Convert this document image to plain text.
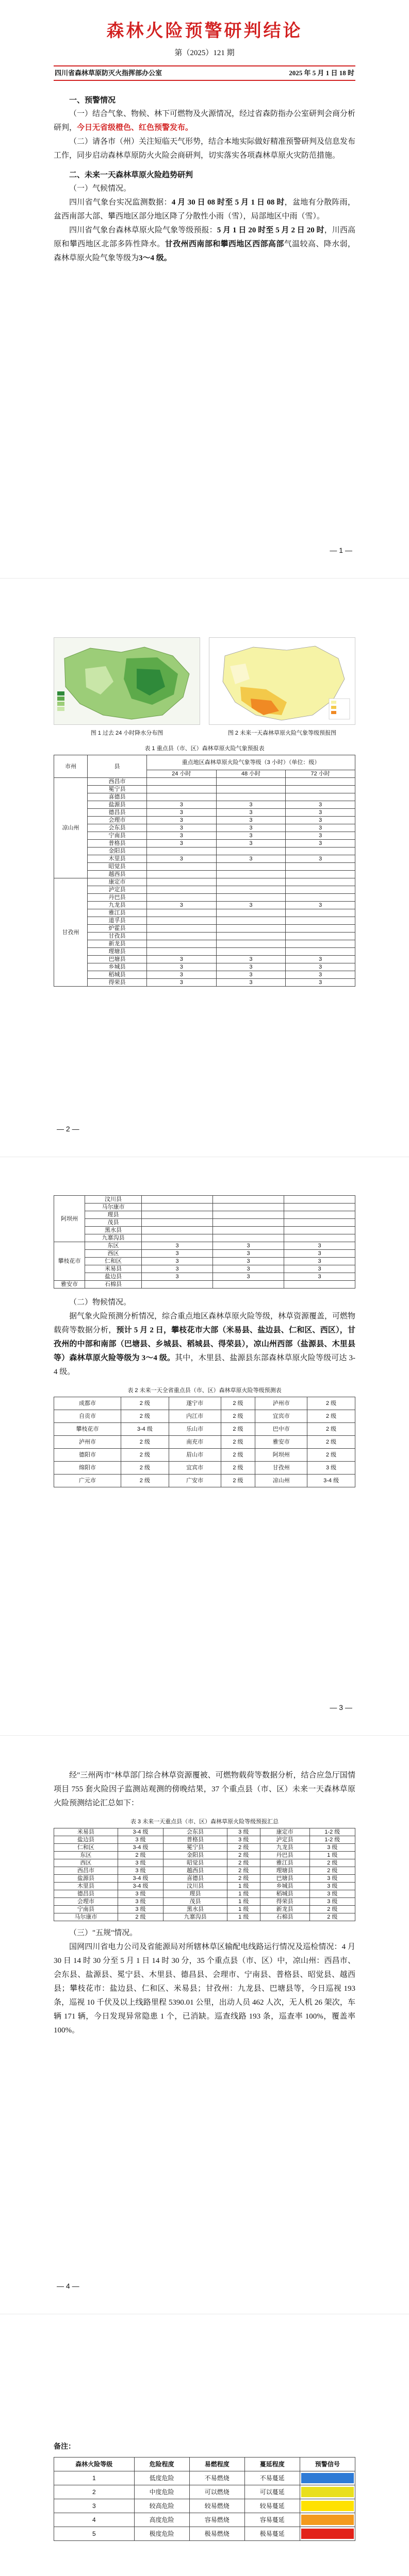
森林火险预警研判结论
第（2025）121 期
四川省森林草原防灭火指挥部办公室	2025 年 5 月 1 日 18 时
一、预警情况

（一）结合气象、物候、林下可燃物及火源情况，经过省森防指办公室研判会商分析研判，今日无省级橙色、红色预警发布。

（二）请各市（州）关注短临天气形势，结合本地实际做好精准预警研判及信息发布工作，同步启动森林草原防火火险会商研判，切实落实各项森林草原火灾防范措施。

二、未来一天森林草原火险趋势研判

（一）气候情况。

四川省气象台实况监测数据：4 月 30 日 08 时至 5 月 1 日 08 时，盆地有分散阵雨，盆西南部大部、攀西地区部分地区降了分散性小雨（雪），局部地区中雨（雪）。

四川省气象台森林草原火险气象等级预报：5 月 1 日 20 时至 5 月 2 日 20 时，川西高原和攀西地区北部多阵性降水。甘孜州西南部和攀西地区西部高部气温较高、降水弱，森林草原火险气象等级为3～4 级。

— 1 —
图 1 过去 24 小时降水分布图	图 2 未来一天森林草原火险气象等级预报图
表 1 重点县（市、区）森林草原火险气象预报表
市州	县	重点地区森林草原火险气象等级（3 小时）（单位：级）		
		24 小时	48 小时	72 小时
凉山州	西昌市			
	冕宁县			
	喜德县			
	盐源县	3	3	3
	德昌县	3	3	3
	会理市	3	3	3
	会东县	3	3	3
	宁南县	3	3	3
	普格县	3	3	3
	金阳县			
	木里县	3	3	3
	昭觉县			
	越西县			
甘孜州	康定市			
	泸定县			
	丹巴县			
	九龙县	3	3	3
	雅江县			
	道孚县			
	炉霍县			
	甘孜县			
	新龙县			
	理塘县			
	巴塘县	3	3	3
	乡城县	3	3	3
	稻城县	3	3	3
	得荣县	3	3	3
— 2 —
阿坝州	汶川县			
	马尔康市			
	理县			
	茂县			
	黑水县			
	九寨沟县			
攀枝花市	东区	3	3	3
	西区	3	3	3
	仁和区	3	3	3
	米易县	3	3	3
	盐边县	3	3	3
雅安市	石棉县			

（二）物候情况。

据气象火险预测分析情况，综合重点地区森林草原火险等级，林草资源覆盖，可燃物载荷等数据分析，预计 5 月 2 日，攀枝花市大部（米易县、盐边县、仁和区、西区），甘孜州的中部和南部（巴塘县、乡城县、稻城县、得荣县），凉山州西部（盐源县、木里县等）森林草原火险等级为 3～4 级。其中，木里县、盐源县东部森林草原火险等级可达 3-4 级。

表 2 未来一天全省重点县（市、区）森林草原火险等级预测表
成都市	2 级	遂宁市	2 级	泸州市	2 级
自贡市	2 级	内江市	2 级	宜宾市	2 级
攀枝花市	3-4 级	乐山市	2 级	巴中市	2 级
泸州市	2 级	南充市	2 级	雅安市	2 级
德阳市	2 级	眉山市	2 级	阿坝州	2 级
绵阳市	2 级	宜宾市	2 级	甘孜州	3 级
广元市	2 级	广安市	2 级	凉山州	3-4 级
— 3 —

经"三州两市"林草部门综合林草资源覆被、可燃物载荷等数据分析，结合应急厅国情项目 755 套火险因子监测站观测的傍晚结果，37 个重点县（市、区）未来一天森林草原火险预测结论汇总如下：

表 3 未来一天重点县（市、区）森林草原火险等级预报汇总
米易县	3-4 级	会东县	3 级	康定市	1-2 级
盐边县	3 级	普格县	3 级	泸定县	1-2 级
仁和区	3-4 级	冕宁县	2 级	九龙县	3 级
东区	2 级	金阳县	2 级	丹巴县	1 级
西区	3 级	昭觉县	2 级	雅江县	2 级
西昌市	3 级	越西县	2 级	理塘县	2 级
盐源县	3-4 级	喜德县	2 级	巴塘县	3 级
木里县	3-4 级	汶川县	1 级	乡城县	3 级
德昌县	3 级	理县	1 级	稻城县	3 级
会理市	3 级	茂县	1 级	得荣县	3 级
宁南县	3 级	黑水县	1 级	新龙县	2 级
马尔康市	2 级	九寨沟县	1 级	石棉县	2 级

（三）"五规"情况。

国网四川省电力公司及省能源局对所辖林草区输配电线路运行情况及巡检情况：4 月 30 日 14 时 30 分至 5 月 1 日 14 时 30 分，35 个重点县（市、区）中，凉山州：西昌市、会东县、盐源县、冕宁县、木里县、德昌县、会理市、宁南县、普格县、昭觉县、越西县；攀枝花市：盐边县、仁和区、米易县；甘孜州：九龙县、巴塘县等，今日巡视 193 条，巡视 10 千伏及以上线路里程 5390.01 公里，出动人员 462 人次，无人机 26 架次，车辆 171 辆，今日发现异常隐患 1 个，已消缺。巡查线路 193 条，巡查率 100%，覆盖率 100%。

— 4 —
备注：
森林火险等级	危险程度	易燃程度	蔓延程度	预警信号
1	低度危险	不易燃烧	不易蔓延	

2	中度危险	可以燃烧	可以蔓延	

3	较高危险	较易燃烧	较易蔓延	

4	高度危险	容易燃烧	容易蔓延	

5	极度危险	极易燃烧	极易蔓延	
